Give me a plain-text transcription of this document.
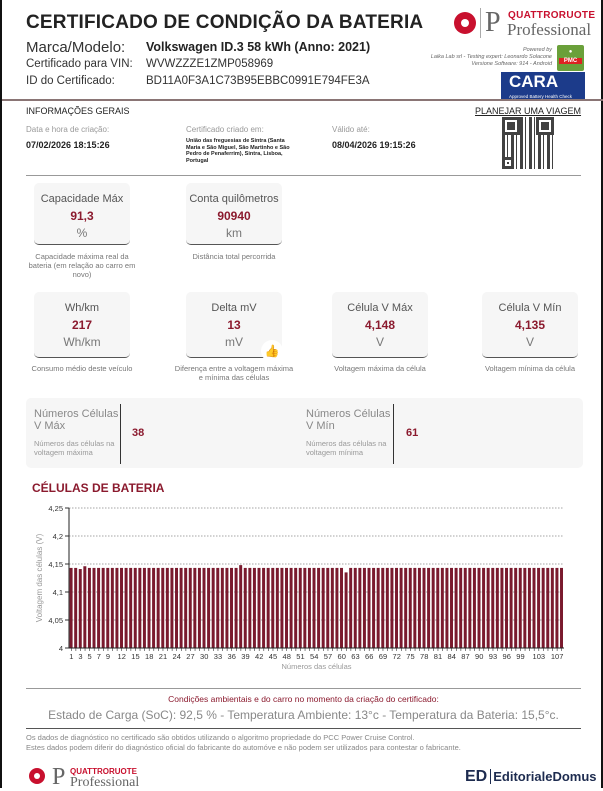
CERTIFICADO DE CONDIÇÃO DA BATERIA
Marca/Modelo: Volkswagen ID.3 58 kWh (Anno: 2021)
Certificado para VIN: WVWZZZE1ZMP058969
ID do Certificado:	BD11A0F3A1C73B95EBBC0991E794FE3A
P QUATTRORUOTE
Professional
Powered by
Laika Lab srl - Testing expert: Leonardo Solacone
Versione Software: 914 - Android
●
PMC
CARA
Approved Battery Health Check
INFORMAÇÕES GERAIS	PLANEJAR UMA VIAGEM
Data e hora de criação:
07/02/2026 18:15:26
Certificado criado em:
União das freguesias de Sintra (Santa Maria e São Miguel, São Martinho e São Pedro de Penaferrim), Sintra, Lisboa, Portugal
Válido até:
08/04/2026 19:15:26
Capacidade Máx
91,3
%
Capacidade máxima real da bateria (em relação ao carro em novo)
Conta quilômetros
90940
km
Distância total percorrida
Wh/km
217
Wh/km
Consumo médio deste veículo
Delta mV
13
mV
👍
Diferença entre a voltagem máxima e mínima das células
Célula V Máx
4,148
V
Voltagem máxima da célula
Célula V Mín
4,135
V
Voltagem mínima da célula
Números Células V Máx
Números das células na voltagem máxima
38
Números Células V Mín
Números das células na voltagem mínima
61
CÉLULAS DE BATERIA
4
4,05
4,1
4,15
4,2
4,25
1 3 5 7 9 12 15 18 21 24 27 30 33 36 39 42 45 48 51 54 57 60 63 66 69 72 75 78 81 84 87 90 93 96 99 103 107
Números das células
Voltagem das células (V)
Condições ambientais e do carro no momento da criação do certificado:
Estado de Carga (SoC): 92,5 % - Temperatura Ambiente: 13°c - Temperatura da Bateria: 15,5°c.
Os dados de diagnóstico no certificado são obtidos utilizando o algoritmo propriedade do PCC Power Cruise Control.
Estes dados podem diferir do diagnóstico oficial do fabricante do automóve e não podem ser utilizados para contestar o fabricante.
P QUATTRORUOTE
Professional	ED EditorialeDomus
